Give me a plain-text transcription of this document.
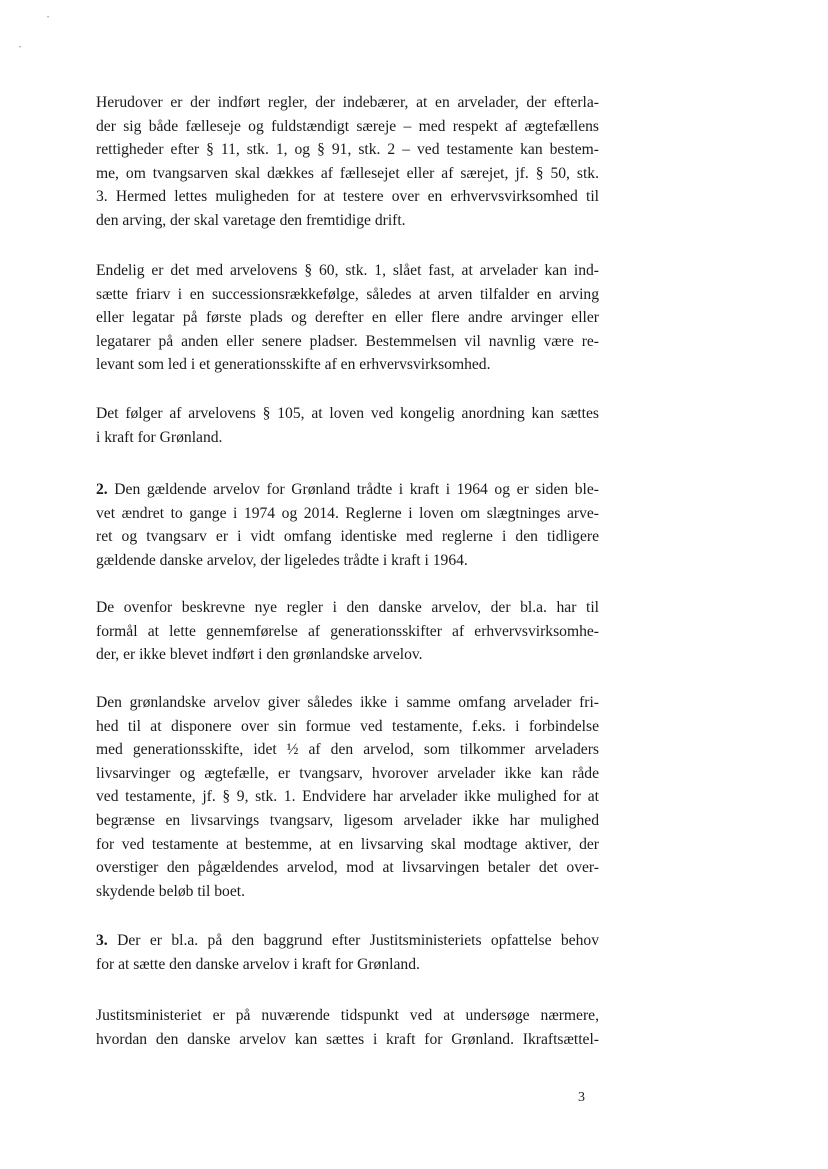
•
•

Herudover er der indført regler, der indebærer, at en arvelader, der efterla-
der sig både fælleseje og fuldstændigt særeje – med respekt af ægtefællens
rettigheder efter § 11, stk. 1, og § 91, stk. 2 – ved testamente kan bestem-
me, om tvangsarven skal dækkes af fællesejet eller af særejet, jf. § 50, stk.
3. Hermed lettes muligheden for at testere over en erhvervsvirksomhed til
den arving, der skal varetage den fremtidige drift.

Endelig er det med arvelovens § 60, stk. 1, slået fast, at arvelader kan ind-
sætte friarv i en successionsrækkefølge, således at arven tilfalder en arving
eller legatar på første plads og derefter en eller flere andre arvinger eller
legatarer på anden eller senere pladser. Bestemmelsen vil navnlig være re-
levant som led i et generationsskifte af en erhvervsvirksomhed.

Det følger af arvelovens § 105, at loven ved kongelig anordning kan sættes
i kraft for Grønland.

2. Den gældende arvelov for Grønland trådte i kraft i 1964 og er siden ble-
vet ændret to gange i 1974 og 2014. Reglerne i loven om slægtninges arve-
ret og tvangsarv er i vidt omfang identiske med reglerne i den tidligere
gældende danske arvelov, der ligeledes trådte i kraft i 1964.

De ovenfor beskrevne nye regler i den danske arvelov, der bl.a. har til
formål at lette gennemførelse af generationsskifter af erhvervsvirksomhe-
der, er ikke blevet indført i den grønlandske arvelov.

Den grønlandske arvelov giver således ikke i samme omfang arvelader fri-
hed til at disponere over sin formue ved testamente, f.eks. i forbindelse
med generationsskifte, idet ½ af den arvelod, som tilkommer arveladers
livsarvinger og ægtefælle, er tvangsarv, hvorover arvelader ikke kan råde
ved testamente, jf. § 9, stk. 1. Endvidere har arvelader ikke mulighed for at
begrænse en livsarvings tvangsarv, ligesom arvelader ikke har mulighed
for ved testamente at bestemme, at en livsarving skal modtage aktiver, der
overstiger den pågældendes arvelod, mod at livsarvingen betaler det over-
skydende beløb til boet.

3. Der er bl.a. på den baggrund efter Justitsministeriets opfattelse behov
for at sætte den danske arvelov i kraft for Grønland.

Justitsministeriet er på nuværende tidspunkt ved at undersøge nærmere,
hvordan den danske arvelov kan sættes i kraft for Grønland. Ikraftsættel-

3
